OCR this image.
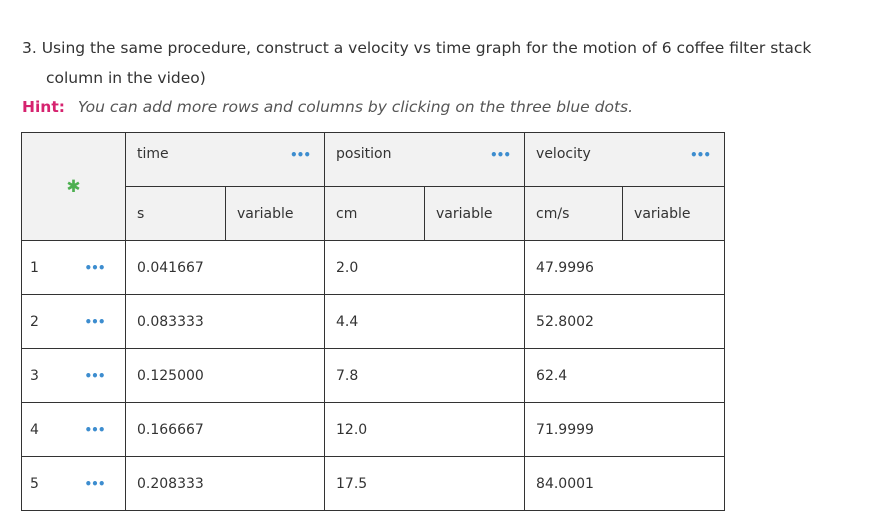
3. Using the same procedure, construct a velocity vs time graph for the motion of 6 coffee filter stack
column in the video)
Hint: You can add more rows and columns by clicking on the three blue dots.
✱		time •••		position •••		velocity •••	

		s	variable	cm	variable	cm/s	variable
1	•••	0.041667		2.0		47.9996	
2	•••	0.083333		4.4		52.8002	
3	•••	0.125000		7.8		62.4	
4	•••	0.166667		12.0		71.9999	
5	•••	0.208333		17.5		84.0001	
